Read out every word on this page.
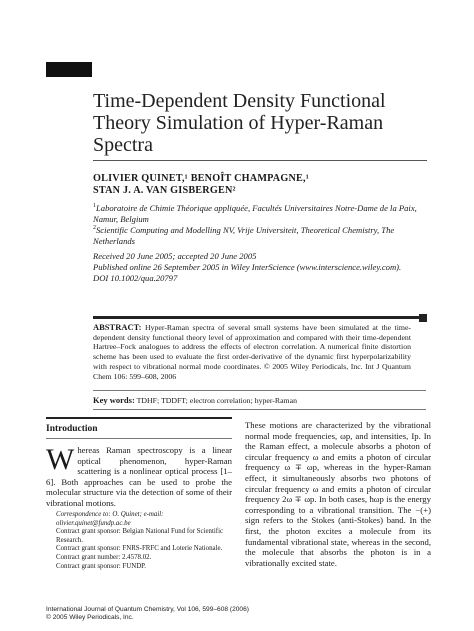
Time-Dependent Density Functional Theory Simulation of Hyper-Raman Spectra
OLIVIER QUINET,¹ BENOÎT CHAMPAGNE,¹
STAN J. A. VAN GISBERGEN²
$^1$Laboratoire de Chimie Théorique appliquée, Facultés Universitaires Notre-Dame de la Paix, Namur, Belgium
$^2$Scientific Computing and Modelling NV, Vrije Universiteit, Theoretical Chemistry, The Netherlands
Received 20 June 2005; accepted 20 June 2005
Published online 26 September 2005 in Wiley InterScience (www.interscience.wiley.com).
DOI 10.1002/qua.20797
ABSTRACT: Hyper-Raman spectra of several small systems have been simulated at the time-dependent density functional theory level of approximation and compared with their time-dependent Hartree–Fock analogues to address the effects of electron correlation. A numerical finite distortion scheme has been used to evaluate the first order-derivative of the dynamic first hyperpolarizability with respect to vibrational normal mode coordinates. © 2005 Wiley Periodicals, Inc. Int J Quantum Chem 106: 599–608, 2006
Key words: TDHF; TDDFT; electron correlation; hyper-Raman
Introduction
Whereas Raman spectroscopy is a linear optical phenomenon, hyper-Raman scattering is a nonlinear optical process [1–6]. Both approaches can be used to probe the molecular structure via the detection of some of their vibrational motions.
Correspondence to: O. Quinet; e-mail: olivier.quinet@fundp.ac.be
Contract grant sponsor: Belgian National Fund for Scientific Research.
Contract grant sponsor: FNRS-FRFC and Loterie Nationale.
Contract grant number: 2.4578.02.
Contract grant sponsor: FUNDP.
These motions are characterized by the vibrational normal mode frequencies, ωp, and intensities, Ip. In the Raman effect, a molecule absorbs a photon of circular frequency ω and emits a photon of circular frequency ω ∓ ωp, whereas in the hyper-Raman effect, it simultaneously absorbs two photons of circular frequency ω and emits a photon of circular frequency 2ω ∓ ωp. In both cases, ħωp is the energy corresponding to a vibrational transition. The −(+) sign refers to the Stokes (anti-Stokes) band. In the first, the photon excites a molecule from its fundamental vibrational state, whereas in the second, the molecule that absorbs the photon is in a vibrationally excited state.
International Journal of Quantum Chemistry, Vol 106, 599–608 (2006)
© 2005 Wiley Periodicals, Inc.
